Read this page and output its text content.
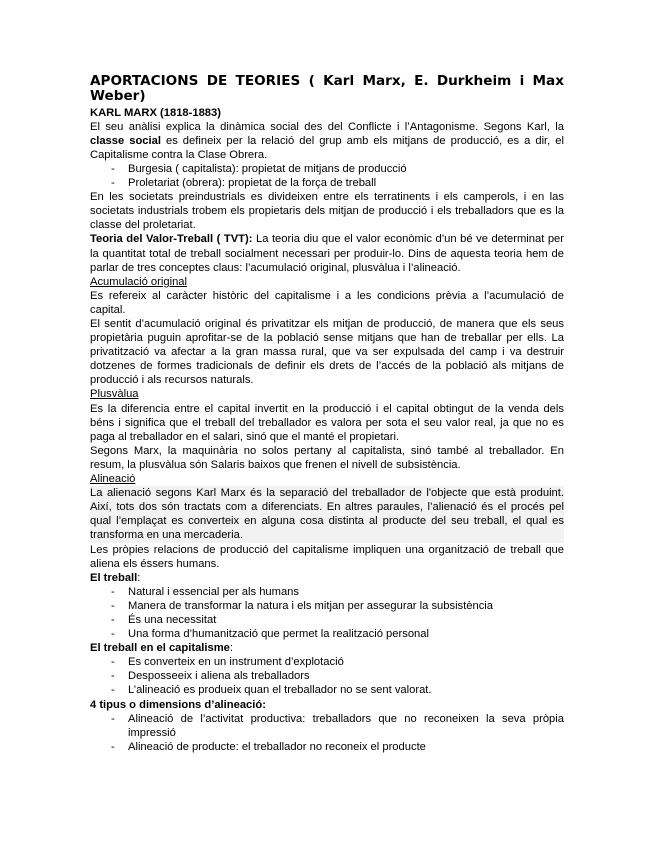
APORTACIONS DE TEORIES ( Karl Marx, E. Durkheim i Max
Weber)
KARL MARX (1818-1883)

El seu anàlisi explica la dinàmica social des del Conflicte i l’Antagonisme. Segons Karl, la classe social es defineix per la relació del grup amb els mitjans de producció, es a dir, el Capitalisme contra la Clase Obrera.

- Burgesia ( capitalista): propietat de mitjans de producció
- Proletariat (obrera): propietat de la força de treball

En les societats preindustrials es divideixen entre els terratinents i els camperols, i en las societats industrials trobem els propietaris dels mitjan de producció i els treballadors que es la classe del proletariat.

Teoria del Valor-Treball ( TVT): La teoria diu que el valor econòmic d’un bé ve determinat per la quantitat total de treball socialment necessari per produir-lo. Dins de aquesta teoria hem de parlar de tres conceptes claus: l’acumulació original, plusvàlua i l’alineació.

Acumulació original

Es refereix al caràcter històric del capitalisme i a les condicions prèvia a l’acumulació de capital.

El sentit d’acumulació original és privatitzar els mitjan de producció, de manera que els seus propietària puguin aprofitar-se de la població sense mitjans que han de treballar per ells. La privatització va afectar a la gran massa rural, que va ser expulsada del camp i va destruir dotzenes de formes tradicionals de definir els drets de l’accés de la població als mitjans de producció i als recursos naturals.

Plusvàlua

Es la diferencia entre el capital invertit en la producció i el capital obtingut de la venda dels béns i significa que el treball del treballador es valora per sota el seu valor real, ja que no es paga al treballador en el salari, sinó que el manté el propietari.

Segons Marx, la maquinària no solos pertany al capitalista, sinó també al treballador. En resum, la plusvàlua són Salaris baixos que frenen el nivell de subsistència.

Alineació

La alienació segons Karl Marx és la separació del treballador de l'objecte que està produint. Així, tots dos són tractats com a diferenciats. En altres paraules, l’alienació és el procés pel qual l’emplaçat es converteix en alguna cosa distinta al producte del seu treball, el qual es transforma en una mercaderia.

Les pròpies relacions de producció del capitalisme impliquen una organització de treball que aliena els éssers humans.

El treball:
- Natural i essencial per als humans
- Manera de transformar la natura i els mitjan per assegurar la subsistència
- És una necessitat
- Una forma d’humanització que permet la realització personal
El treball en el capitalisme:
- Es converteix en un instrument d’explotació
- Desposseeix i aliena als treballadors
- L’alineació es produeix quan el treballador no se sent valorat.
4 tipus o dimensions d’alineació:
- Alineació de l’activitat productiva: treballadors que no reconeixen la seva pròpia impressió
- Alineació de producte: el treballador no reconeix el producte
